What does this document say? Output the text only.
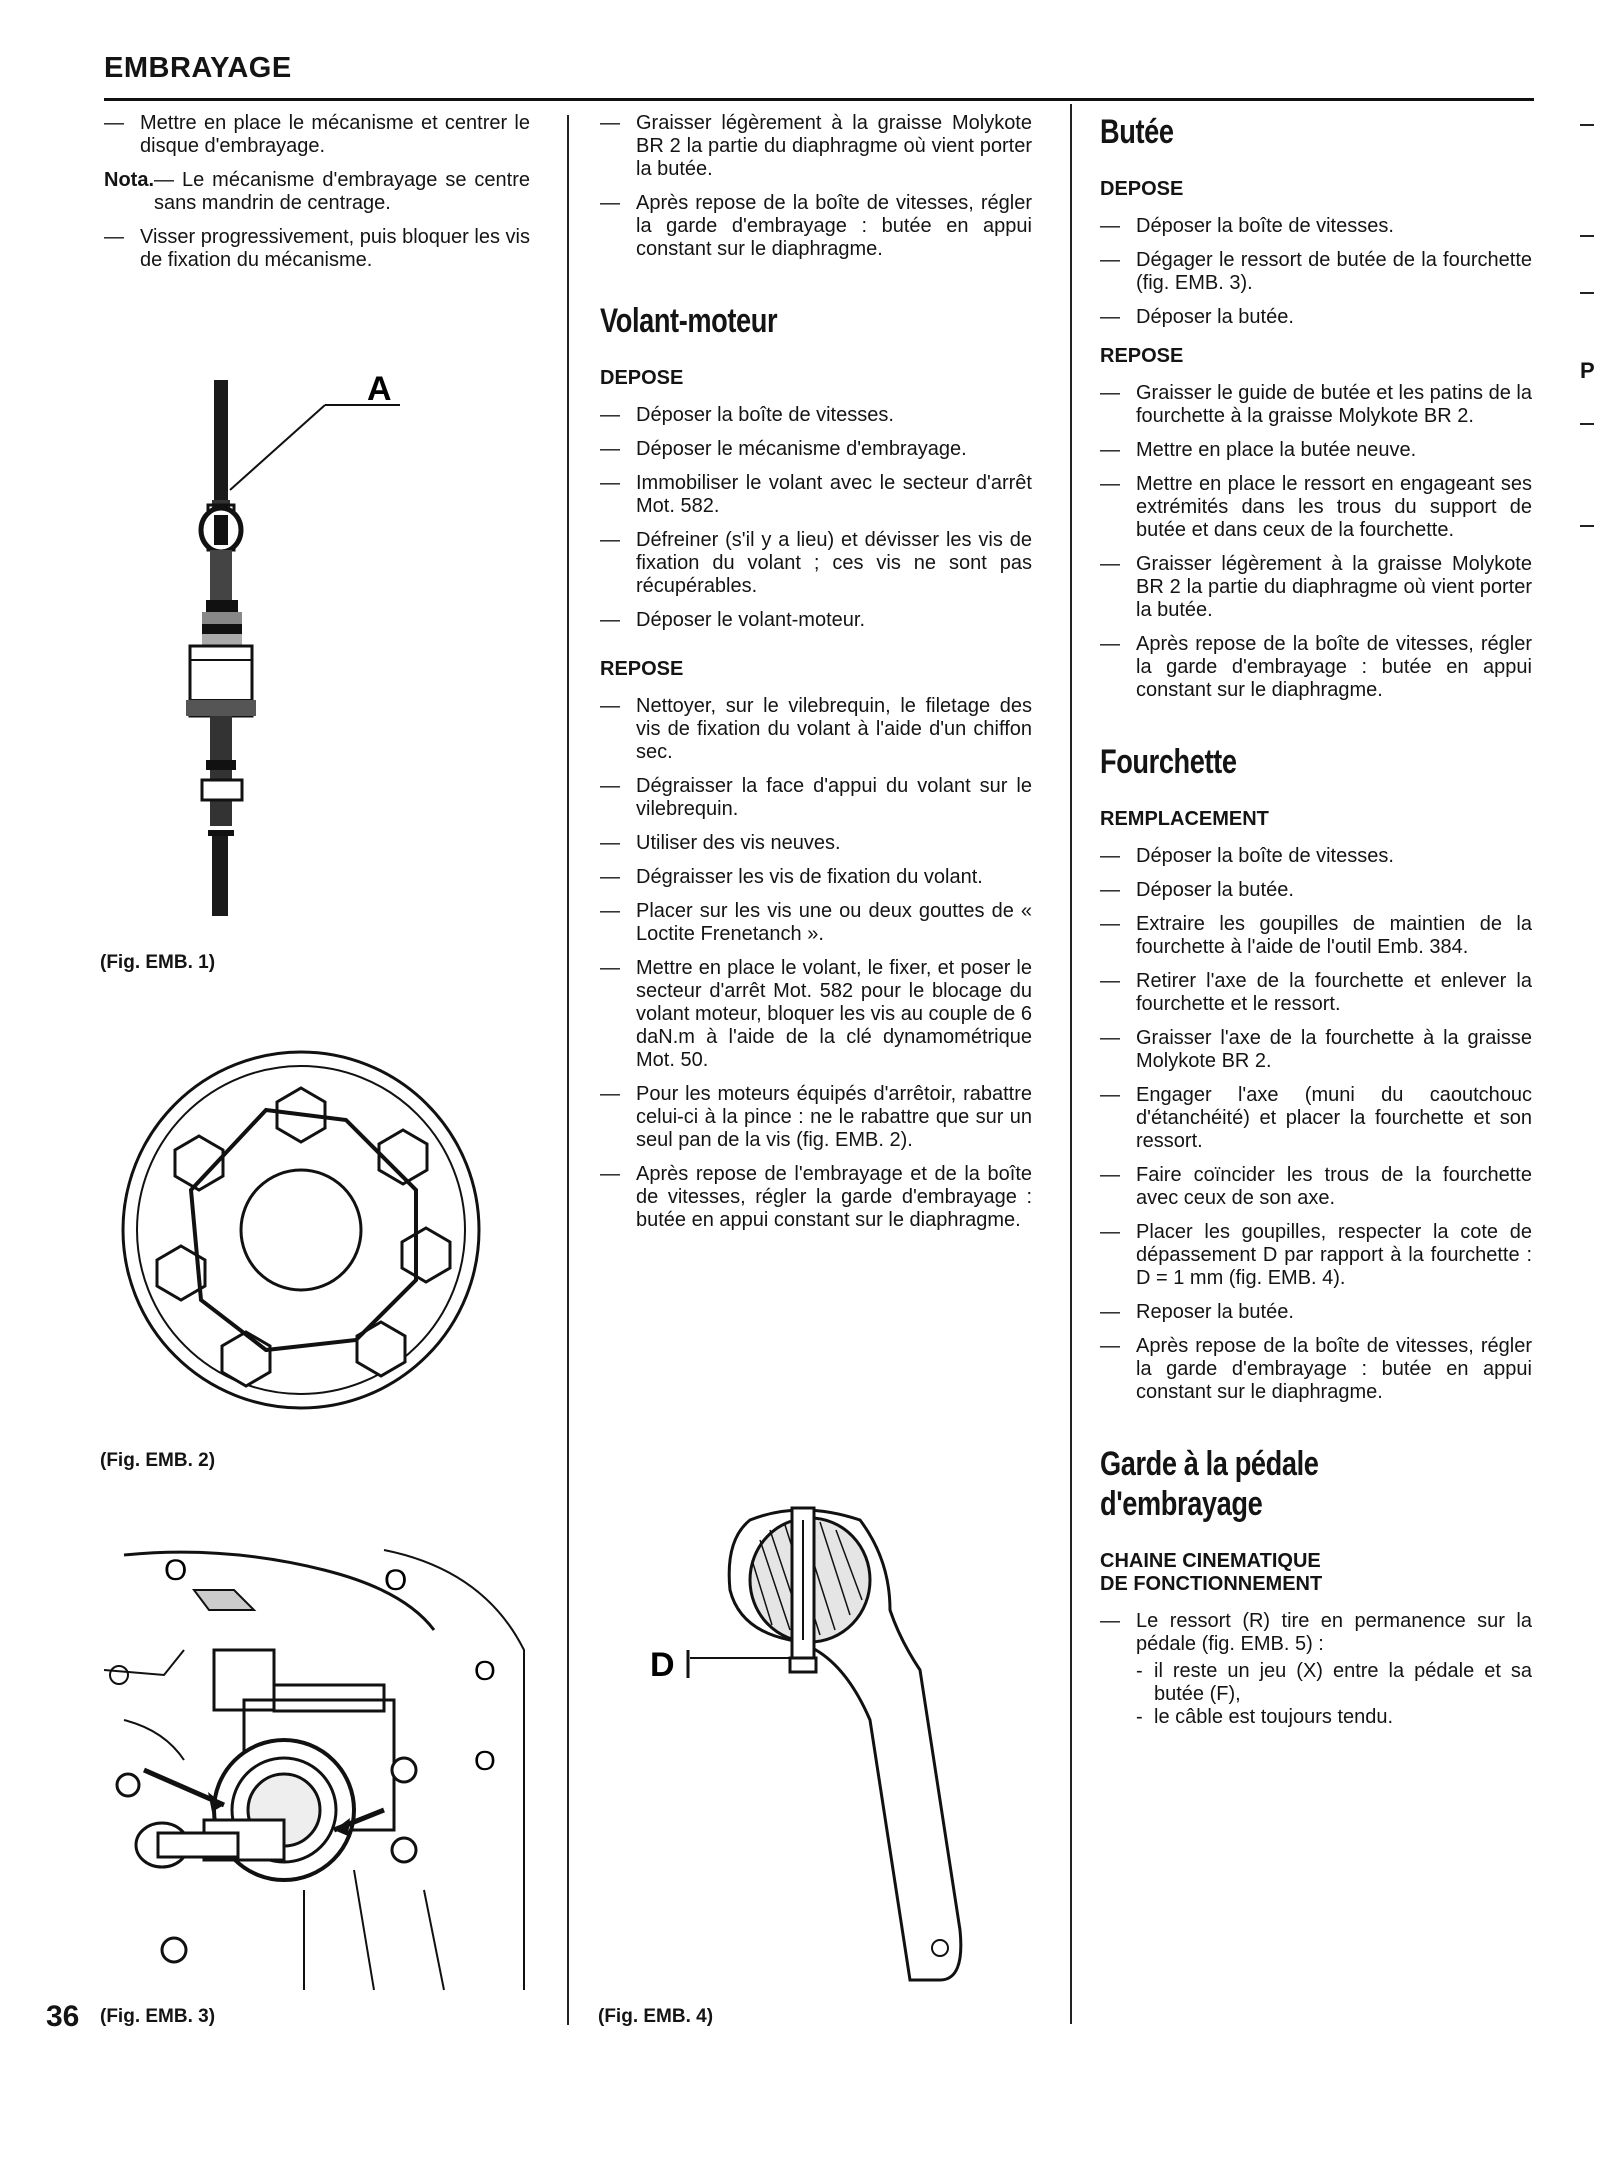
EMBRAYAGE
P
— Mettre en place le mécanisme et centrer le disque d'embrayage.
Nota. — Le mécanisme d'embrayage se centre sans mandrin de centrage.
— Visser progressivement, puis bloquer les vis de fixation du mécanisme.
A
(Fig. EMB. 1)
(Fig. EMB. 2)
O	O
O
O
36 (Fig. EMB. 3)
— Graisser légèrement à la graisse Molykote BR 2 la partie du diaphragme où vient porter la butée.
— Après repose de la boîte de vitesses, régler la garde d'embrayage : butée en appui constant sur le diaphragme.
Volant-moteur
DEPOSE
— Déposer la boîte de vitesses.
— Déposer le mécanisme d'embrayage.
— Immobiliser le volant avec le secteur d'arrêt Mot. 582.
— Défreiner (s'il y a lieu) et dévisser les vis de fixation du volant ; ces vis ne sont pas récupérables.
— Déposer le volant-moteur.
REPOSE
— Nettoyer, sur le vilebrequin, le filetage des vis de fixation du volant à l'aide d'un chiffon sec.
— Dégraisser la face d'appui du volant sur le vilebrequin.
— Utiliser des vis neuves.
— Dégraisser les vis de fixation du volant.
— Placer sur les vis une ou deux gouttes de « Loctite Frenetanch ».
— Mettre en place le volant, le fixer, et poser le secteur d'arrêt Mot. 582 pour le blocage du volant moteur, bloquer les vis au couple de 6 daN.m à l'aide de la clé dynamométrique Mot. 50.
— Pour les moteurs équipés d'arrêtoir, rabattre celui-ci à la pince : ne le rabattre que sur un seul pan de la vis (fig. EMB. 2).
— Après repose de l'embrayage et de la boîte de vitesses, régler la garde d'embrayage : butée en appui constant sur le diaphragme.
D
(Fig. EMB. 4)
Butée
DEPOSE
— Déposer la boîte de vitesses.
— Dégager le ressort de butée de la fourchette (fig. EMB. 3).
— Déposer la butée.
REPOSE
— Graisser le guide de butée et les patins de la fourchette à la graisse Molykote BR 2.
— Mettre en place la butée neuve.
— Mettre en place le ressort en engageant ses extrémités dans les trous du support de butée et dans ceux de la fourchette.
— Graisser légèrement à la graisse Molykote BR 2 la partie du diaphragme où vient porter la butée.
— Après repose de la boîte de vitesses, régler la garde d'embrayage : butée en appui constant sur le diaphragme.
Fourchette
REMPLACEMENT
— Déposer la boîte de vitesses.
— Déposer la butée.
— Extraire les goupilles de maintien de la fourchette à l'aide de l'outil Emb. 384.
— Retirer l'axe de la fourchette et enlever la fourchette et le ressort.
— Graisser l'axe de la fourchette à la graisse Molykote BR 2.
— Engager l'axe (muni du caoutchouc d'étanchéité) et placer la fourchette et son ressort.
— Faire coïncider les trous de la fourchette avec ceux de son axe.
— Placer les goupilles, respecter la cote de dépassement D par rapport à la fourchette : D = 1 mm (fig. EMB. 4).
— Reposer la butée.
— Après repose de la boîte de vitesses, régler la garde d'embrayage : butée en appui constant sur le diaphragme.
Garde à la pédale
d'embrayage
CHAINE CINEMATIQUE
DE FONCTIONNEMENT
— Le ressort (R) tire en permanence sur la pédale (fig. EMB. 5) :
- il reste un jeu (X) entre la pédale et sa butée (F),
- le câble est toujours tendu.
